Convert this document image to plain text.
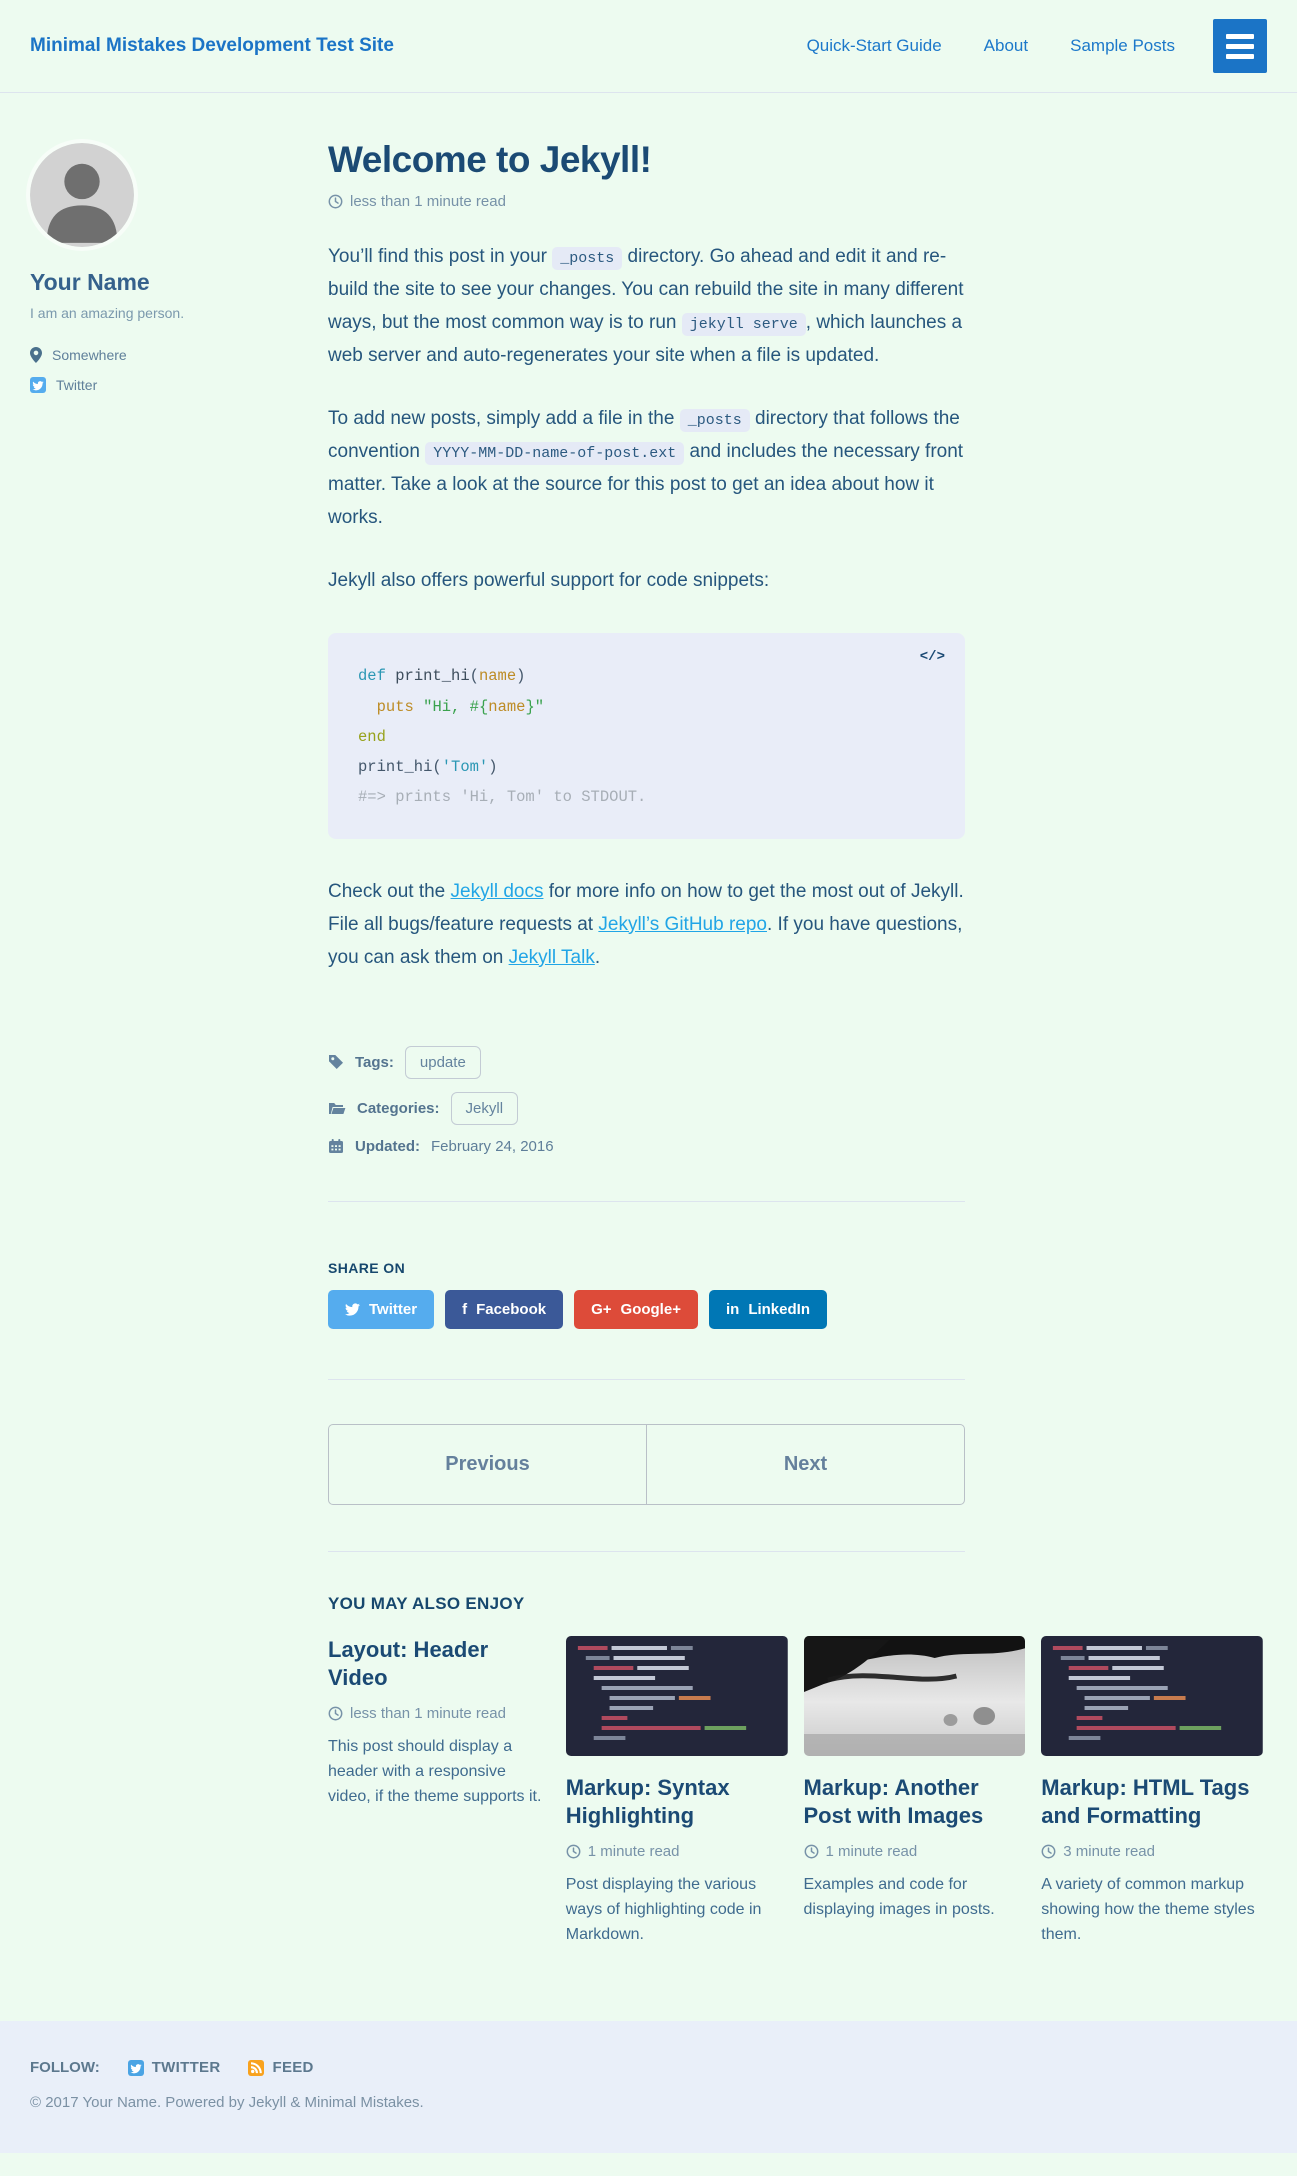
Minimal Mistakes Development Test Site	Quick-Start Guide About Sample Posts
Your Name

I am an amazing person.

Somewhere
Twitter
Welcome to Jekyll!
less than 1 minute read

You’ll find this post in your _posts directory. Go ahead and edit it and re-build the site to see your changes. You can rebuild the site in many different ways, but the most common way is to run jekyll serve , which launches a web server and auto-regenerates your site when a file is updated.

To add new posts, simply add a file in the _posts directory that follows the convention YYYY-MM-DD-name-of-post.ext and includes the necessary front matter. Take a look at the source for this post to get an idea about how it works.

Jekyll also offers powerful support for code snippets:

</>
def print_hi(name)
puts "Hi, #{name}"
end
print_hi('Tom')
#=> prints 'Hi, Tom' to STDOUT.

Check out the Jekyll docs for more info on how to get the most out of Jekyll. File all bugs/feature requests at Jekyll’s GitHub repo. If you have questions, you can ask them on Jekyll Talk.

Tags:	update
Categories:	Jekyll
Updated: February 24, 2016
SHARE ON
Twitter	f Facebook	G+ Google+	in LinkedIn
Previous	Next
YOU MAY ALSO ENJOY
Layout: Header Video
less than 1 minute read
This post should display a header with a responsive video, if the theme supports it.	Markup: Syntax Highlighting
1 minute read
Post displaying the various ways of highlighting code in Markdown.
Markup: Another Post with Images
1 minute read
Examples and code for displaying images in posts.
Markup: HTML Tags and Formatting
3 minute read
A variety of common markup showing how the theme styles them.
FOLLOW:	TWITTER	FEED
© 2017 Your Name. Powered by Jekyll & Minimal Mistakes.
